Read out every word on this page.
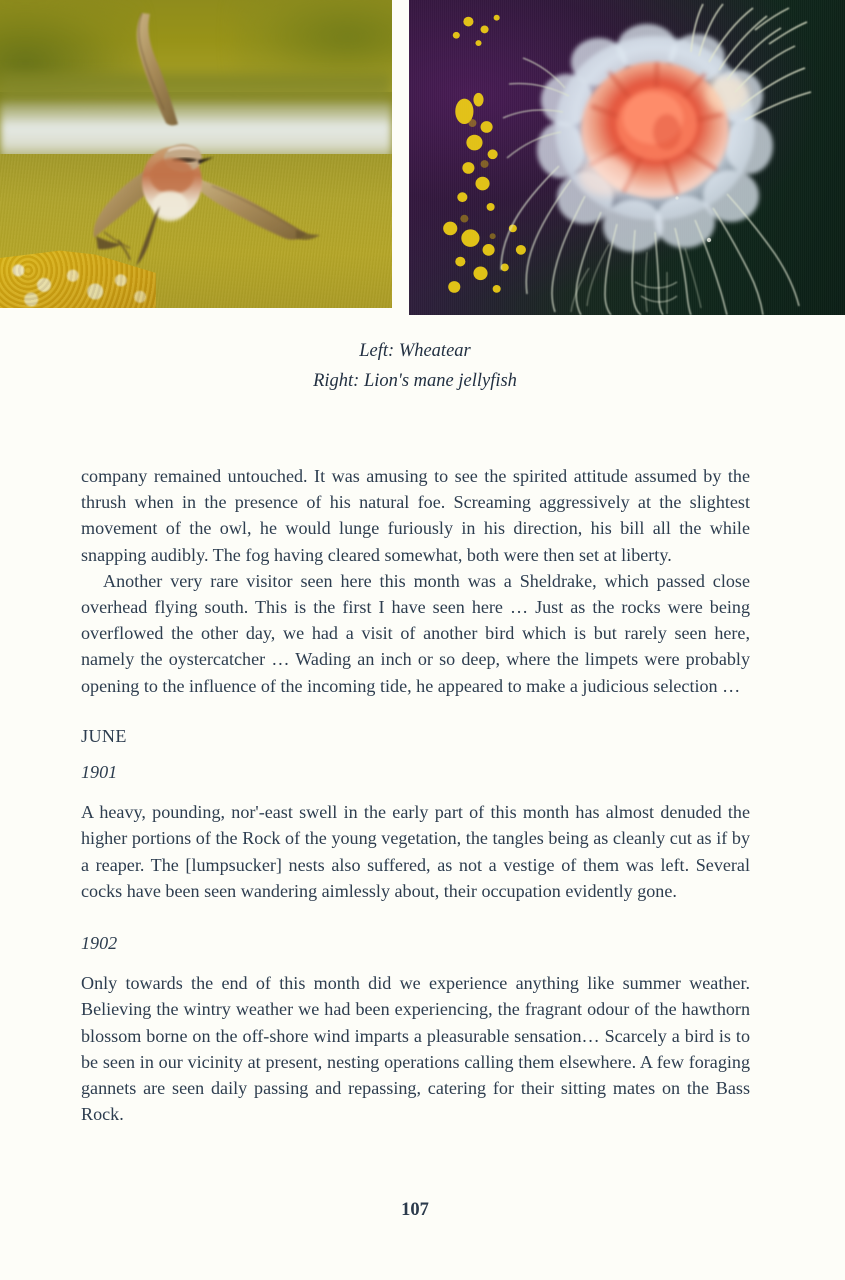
Left: Wheatear
Right: Lion's mane jellyfish

company remained untouched. It was amusing to see the spirited attitude assumed by the thrush when in the presence of his natural foe. Screaming aggressively at the slightest movement of the owl, he would lunge furiously in his direction, his bill all the while snapping audibly. The fog having cleared somewhat, both were then set at liberty.

Another very rare visitor seen here this month was a Sheldrake, which passed close overhead flying south. This is the first I have seen here … Just as the rocks were being overflowed the other day, we had a visit of another bird which is but rarely seen here, namely the oystercatcher … Wading an inch or so deep, where the limpets were probably opening to the influence of the incoming tide, he appeared to make a judicious selection …

JUNE

1901

A heavy, pounding, nor'-east swell in the early part of this month has almost denuded the higher portions of the Rock of the young vegetation, the tangles being as cleanly cut as if by a reaper. The [lumpsucker] nests also suffered, as not a vestige of them was left. Several cocks have been seen wandering aimlessly about, their occupation evidently gone.

1902

Only towards the end of this month did we experience anything like summer weather. Believing the wintry weather we had been experiencing, the fragrant odour of the hawthorn blossom borne on the off-shore wind imparts a pleasurable sensation… Scarcely a bird is to be seen in our vicinity at present, nesting operations calling them elsewhere. A few foraging gannets are seen daily passing and repassing, catering for their sitting mates on the Bass Rock.

107
